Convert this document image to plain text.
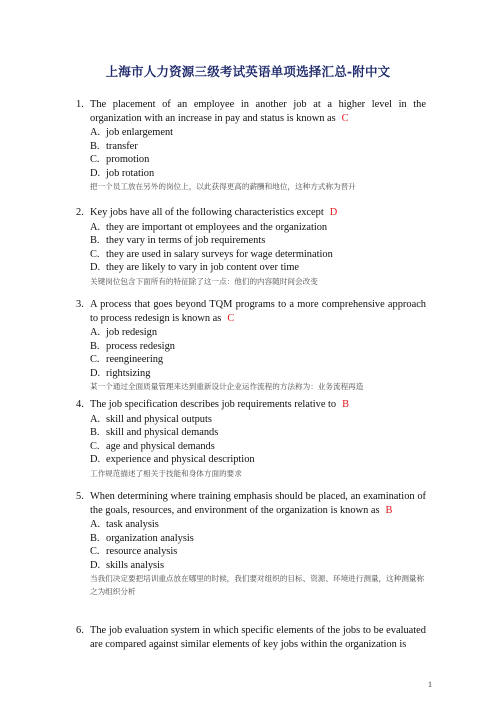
上海市人力资源三级考试英语单项选择汇总-附中文
1. The placement of an employee in another job at a higher level in the organization with an increase in pay and status is known as C
A. job enlargement
B. transfer
C. promotion
D. job rotation
把一个员工放在另外的岗位上，以此获得更高的薪酬和地位，这种方式称为晋升
2. Key jobs have all of the following characteristics except D
A. they are important ot employees and the organization
B. they vary in terms of job requirements
C. they are used in salary surveys for wage determination
D. they are likely to vary in job content over time
关键岗位包含下面所有的特征除了这一点：他们的内容随时间会改变
3. A process that goes beyond TQM programs to a more comprehensive approach to process redesign is known as C
A. job redesign
B. process redesign
C. reengineering
D. rightsizing
某一个通过全面质量管理来达到重新设计企业运作流程的方法称为：业务流程再造
4. The job specification describes job requirements relative to B
A. skill and physical outputs
B. skill and physical demands
C. age and physical demands
D. experience and physical description
工作规范描述了相关于技能和身体方面的要求
5. When determining where training emphasis should be placed, an examination of the goals, resources, and environment of the organization is known as B
A. task analysis
B. organization analysis
C. resource analysis
D. skills analysis
当我们决定要把培训重点放在哪里的时候，我们要对组织的目标、资源、环境进行测量，这种测量称之为组织分析
6. The job evaluation system in which specific elements of the jobs to be evaluated are compared against similar elements of key jobs within the organization is
1
